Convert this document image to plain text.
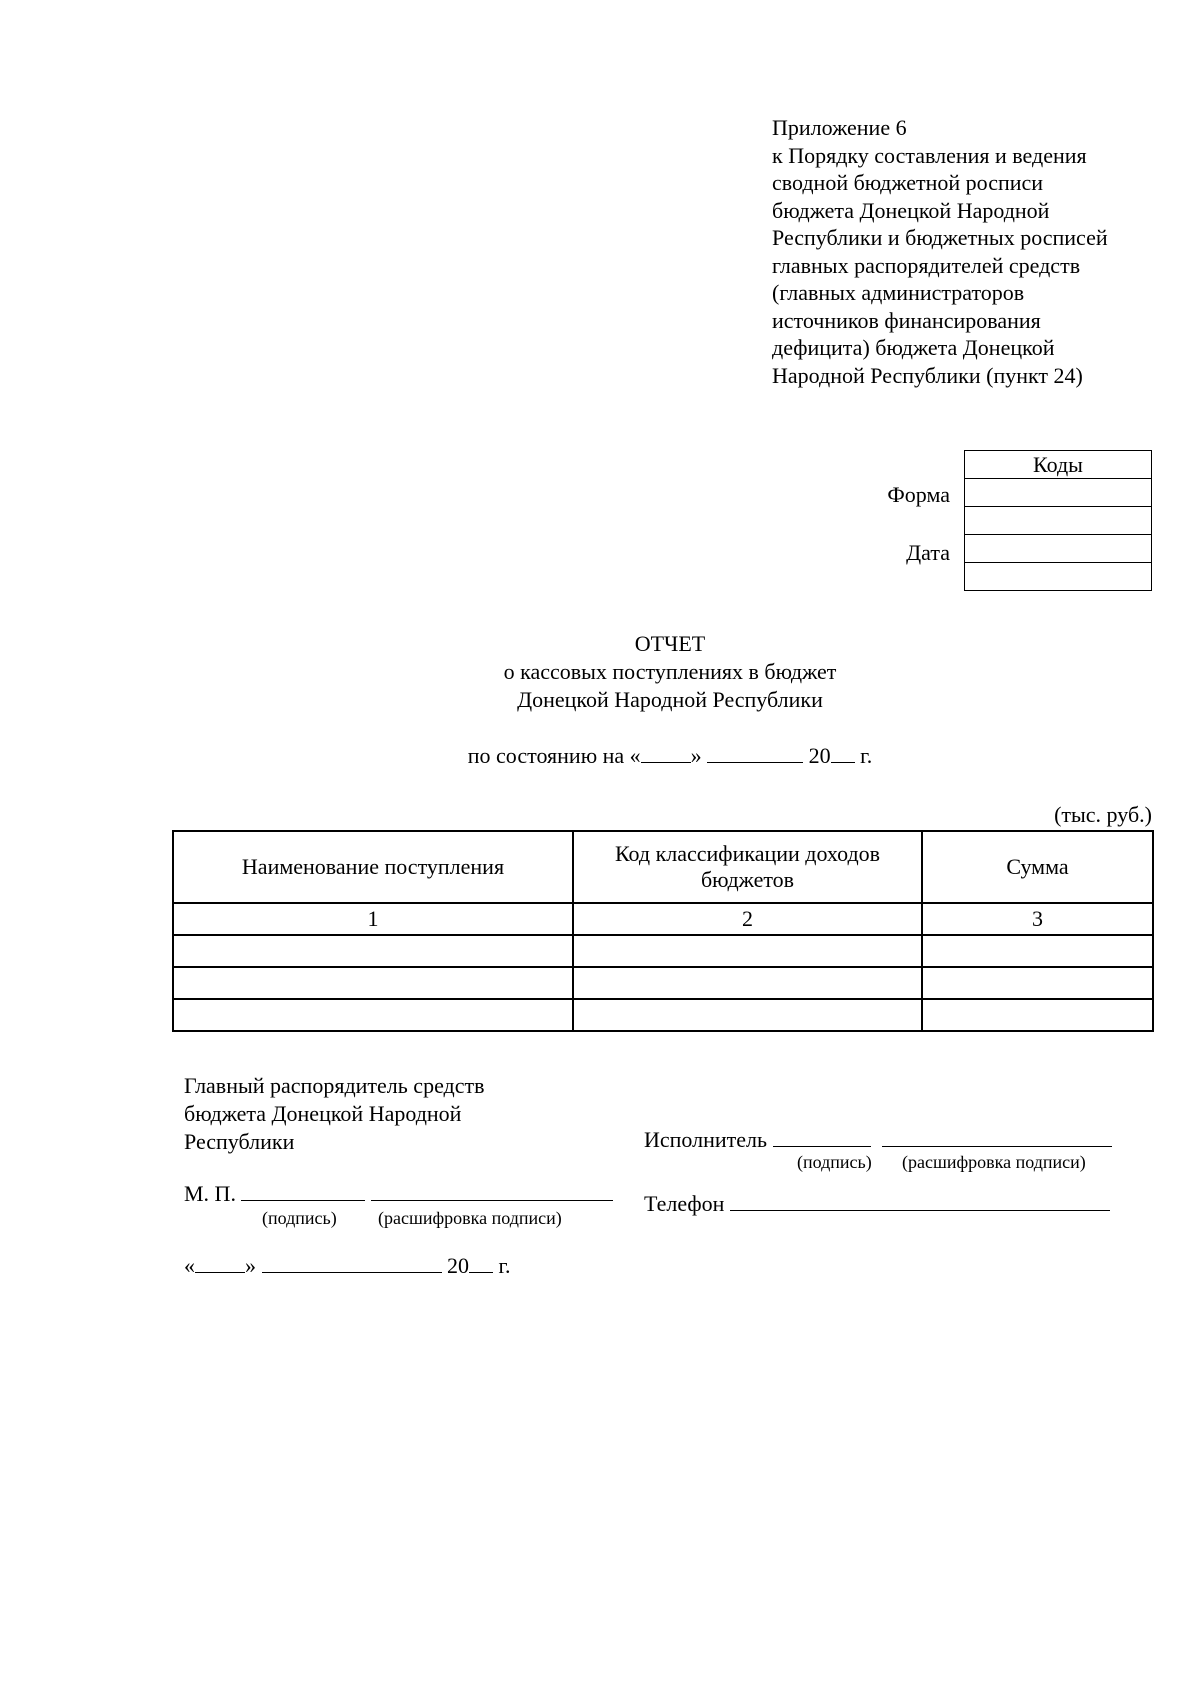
Приложение 6
к Порядку составления и ведения
сводной бюджетной росписи
бюджета Донецкой Народной
Республики и бюджетных росписей
главных распорядителей средств
(главных администраторов
источников финансирования
дефицита) бюджета Донецкой
Народной Республики (пункт 24)
Коды

Форма
Дата
ОТЧЕТ
о кассовых поступлениях в бюджет
Донецкой Народной Республики
по состоянию на « »	20 г.
(тыс. руб.)
Наименование поступления	Код классификации доходов бюджетов	Сумма
1	2	3

Главный распорядитель средств
бюджета Донецкой Народной
Республики
М. П.
(подпись) (расшифровка подписи)
« »	20 г.
Исполнитель
(подпись) (расшифровка подписи)
Телефон
